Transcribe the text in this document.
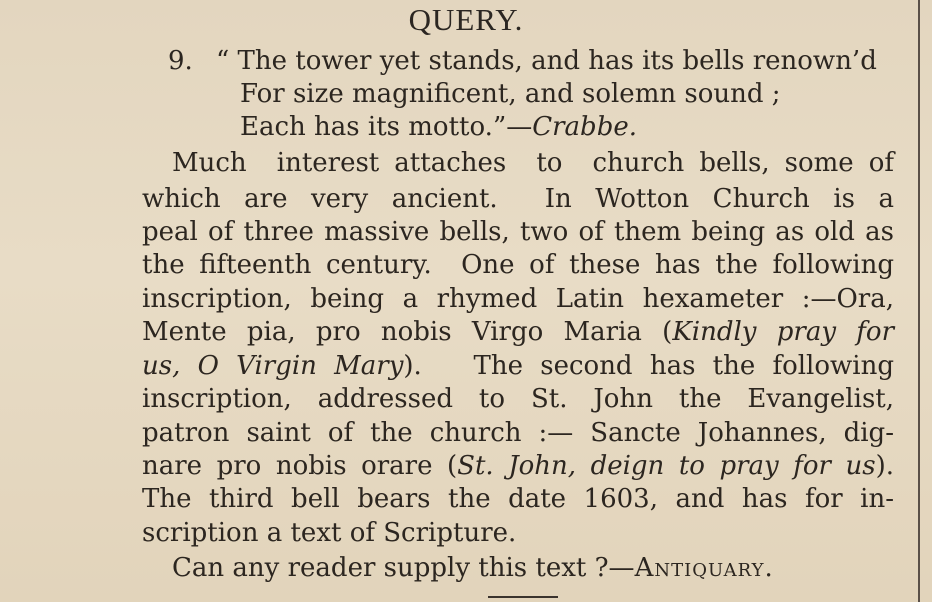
QUERY.
9. “ The tower yet stands, and has its bells renown’d
For size magnificent, and solemn sound ;
Each has its motto.”—Crabbe.
Much  interest attaches  to  church bells, some of
which are very ancient.  In Wotton Church is a
peal of three massive bells, two of them being as old as
the fifteenth century.  One of these has the following
inscription, being a rhymed Latin hexameter :—Ora,
Mente pia, pro nobis Virgo Maria (Kindly pray for
us, O Virgin Mary).   The second has the following
inscription, addressed to St. John the Evangelist,
patron saint of the church :— Sancte Johannes, dig-
nare pro nobis orare (St. John, deign to pray for us).
The third bell bears the date 1603, and has for in-
scription a text of Scripture.
Can any reader supply this text ?—Antiquary.
